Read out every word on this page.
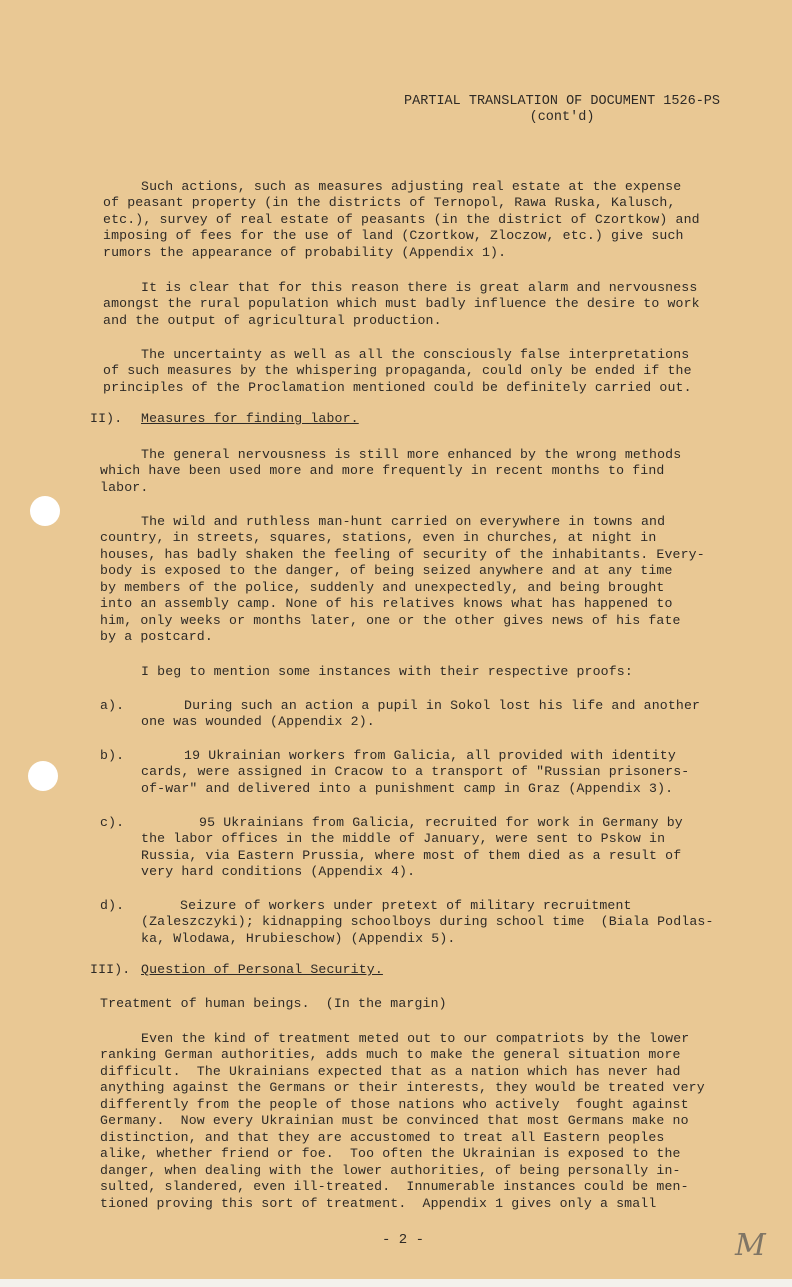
PARTIAL TRANSLATION OF DOCUMENT 1526-PS
(cont'd)
Such actions, such as measures adjusting real estate at the expense
of peasant property (in the districts of Ternopol, Rawa Ruska, Kalusch,
etc.), survey of real estate of peasants (in the district of Czortkow) and
imposing of fees for the use of land (Czortkow, Zloczow, etc.) give such
rumors the appearance of probability (Appendix 1).
It is clear that for this reason there is great alarm and nervousness
amongst the rural population which must badly influence the desire to work
and the output of agricultural production.
The uncertainty as well as all the consciously false interpretations
of such measures by the whispering propaganda, could only be ended if the
principles of the Proclamation mentioned could be definitely carried out.
II). Measures for finding labor.
The general nervousness is still more enhanced by the wrong methods
which have been used more and more frequently in recent months to find
labor.
The wild and ruthless man-hunt carried on everywhere in towns and
country, in streets, squares, stations, even in churches, at night in
houses, has badly shaken the feeling of security of the inhabitants. Every-
body is exposed to the danger, of being seized anywhere and at any time
by members of the police, suddenly and unexpectedly, and being brought
into an assembly camp. None of his relatives knows what has happened to
him, only weeks or months later, one or the other gives news of his fate
by a postcard.
I beg to mention some instances with their respective proofs:
a).	During such an action a pupil in Sokol lost his life and another
one was wounded (Appendix 2).
b).	19 Ukrainian workers from Galicia, all provided with identity
cards, were assigned in Cracow to a transport of "Russian prisoners-
of-war" and delivered into a punishment camp in Graz (Appendix 3).
c).	95 Ukrainians from Galicia, recruited for work in Germany by
the labor offices in the middle of January, were sent to Pskow in
Russia, via Eastern Prussia, where most of them died as a result of
very hard conditions (Appendix 4).
d).	Seizure of workers under pretext of military recruitment
(Zaleszczyki); kidnapping schoolboys during school time  (Biala Podlas-
ka, Wlodawa, Hrubieschow) (Appendix 5).
III). Question of Personal Security.
Treatment of human beings.  (In the margin)
Even the kind of treatment meted out to our compatriots by the lower
ranking German authorities, adds much to make the general situation more
difficult.  The Ukrainians expected that as a nation which has never had
anything against the Germans or their interests, they would be treated very
differently from the people of those nations who actively  fought against
Germany.  Now every Ukrainian must be convinced that most Germans make no
distinction, and that they are accustomed to treat all Eastern peoples
alike, whether friend or foe.  Too often the Ukrainian is exposed to the
danger, when dealing with the lower authorities, of being personally in-
sulted, slandered, even ill-treated.  Innumerable instances could be men-
tioned proving this sort of treatment.  Appendix 1 gives only a small
- 2 -	M
